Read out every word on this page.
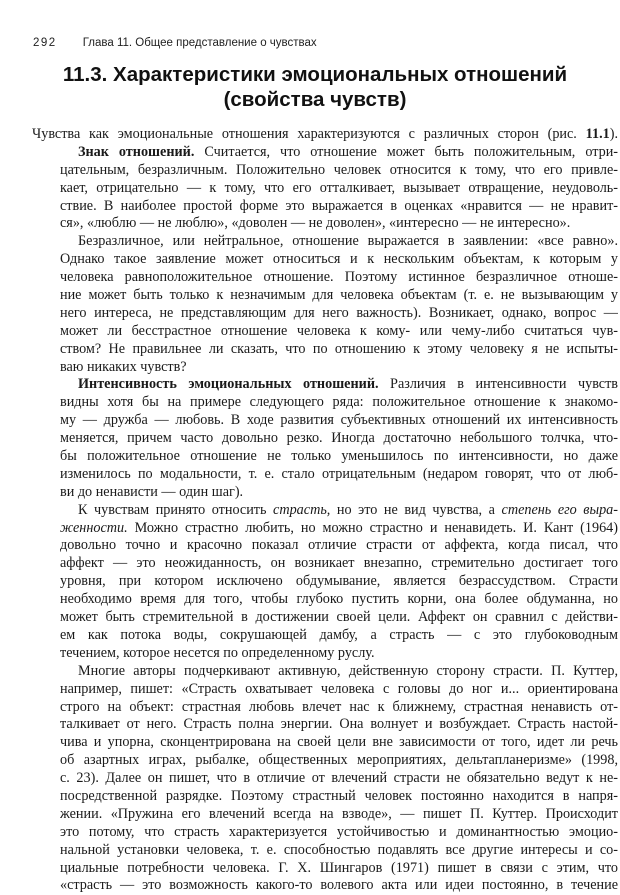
292 Глава 11. Общее представление о чувствах
11.3. Характеристики эмоциональных отношений
(свойства чувств)
Чувства как эмоциональные отношения характеризуются с различных сторон (рис. 11.1).
Знак отношений. Считается, что отношение может быть положительным, отри-
цательным, безразличным. Положительно человек относится к тому, что его привле-
кает, отрицательно — к тому, что его отталкивает, вызывает отвращение, неудоволь-
ствие. В наиболее простой форме это выражается в оценках «нравится — не нравит-
ся», «люблю — не люблю», «доволен — не доволен», «интересно — не интересно».
Безразличное, или нейтральное, отношение выражается в заявлении: «все равно».
Однако такое заявление может относиться и к нескольким объектам, к которым у
человека равноположительное отношение. Поэтому истинное безразличное отноше-
ние может быть только к незначимым для человека объектам (т. е. не вызывающим у
него интереса, не представляющим для него важность). Возникает, однако, вопрос —
может ли бесстрастное отношение человека к кому- или чему-либо считаться чув-
ством? Не правильнее ли сказать, что по отношению к этому человеку я не испыты-
ваю никаких чувств?
Интенсивность эмоциональных отношений. Различия в интенсивности чувств
видны хотя бы на примере следующего ряда: положительное отношение к знакомо-
му — дружба — любовь. В ходе развития субъективных отношений их интенсивность
меняется, причем часто довольно резко. Иногда достаточно небольшого толчка, что-
бы положительное отношение не только уменьшилось по интенсивности, но даже
изменилось по модальности, т. е. стало отрицательным (недаром говорят, что от люб-
ви до ненависти — один шаг).
К чувствам принято относить страсть, но это не вид чувства, а степень его выра-
женности. Можно страстно любить, но можно страстно и ненавидеть. И. Кант (1964)
довольно точно и красочно показал отличие страсти от аффекта, когда писал, что
аффект — это неожиданность, он возникает внезапно, стремительно достигает того
уровня, при котором исключено обдумывание, является безрассудством. Страсти
необходимо время для того, чтобы глубоко пустить корни, она более обдуманна, но
может быть стремительной в достижении своей цели. Аффект он сравнил с действи-
ем как потока воды, сокрушающей дамбу, а страсть — с это глубоководным
течением, которое несется по определенному руслу.
Многие авторы подчеркивают активную, действенную сторону страсти. П. Куттер,
например, пишет: «Страсть охватывает человека с головы до ног и... ориентирована
строго на объект: страстная любовь влечет нас к ближнему, страстная ненависть от-
талкивает от него. Страсть полна энергии. Она волнует и возбуждает. Страсть настой-
чива и упорна, сконцентрирована на своей цели вне зависимости от того, идет ли речь
об азартных играх, рыбалке, общественных мероприятиях, дельтапланеризме» (1998,
с. 23). Далее он пишет, что в отличие от влечений страсти не обязательно ведут к не-
посредственной разрядке. Поэтому страстный человек постоянно находится в напря-
жении. «Пружина его влечений всегда на взводе», — пишет П. Куттер. Происходит
это потому, что страсть характеризуется устойчивостью и доминантностью эмоцио-
нальной установки человека, т. е. способностью подавлять все другие интересы и со-
циальные потребности человека. Г. Х. Шингаров (1971) пишет в связи с этим, что
«страсть — это возможность какого-то волевого акта или идеи постоянно, в течение
